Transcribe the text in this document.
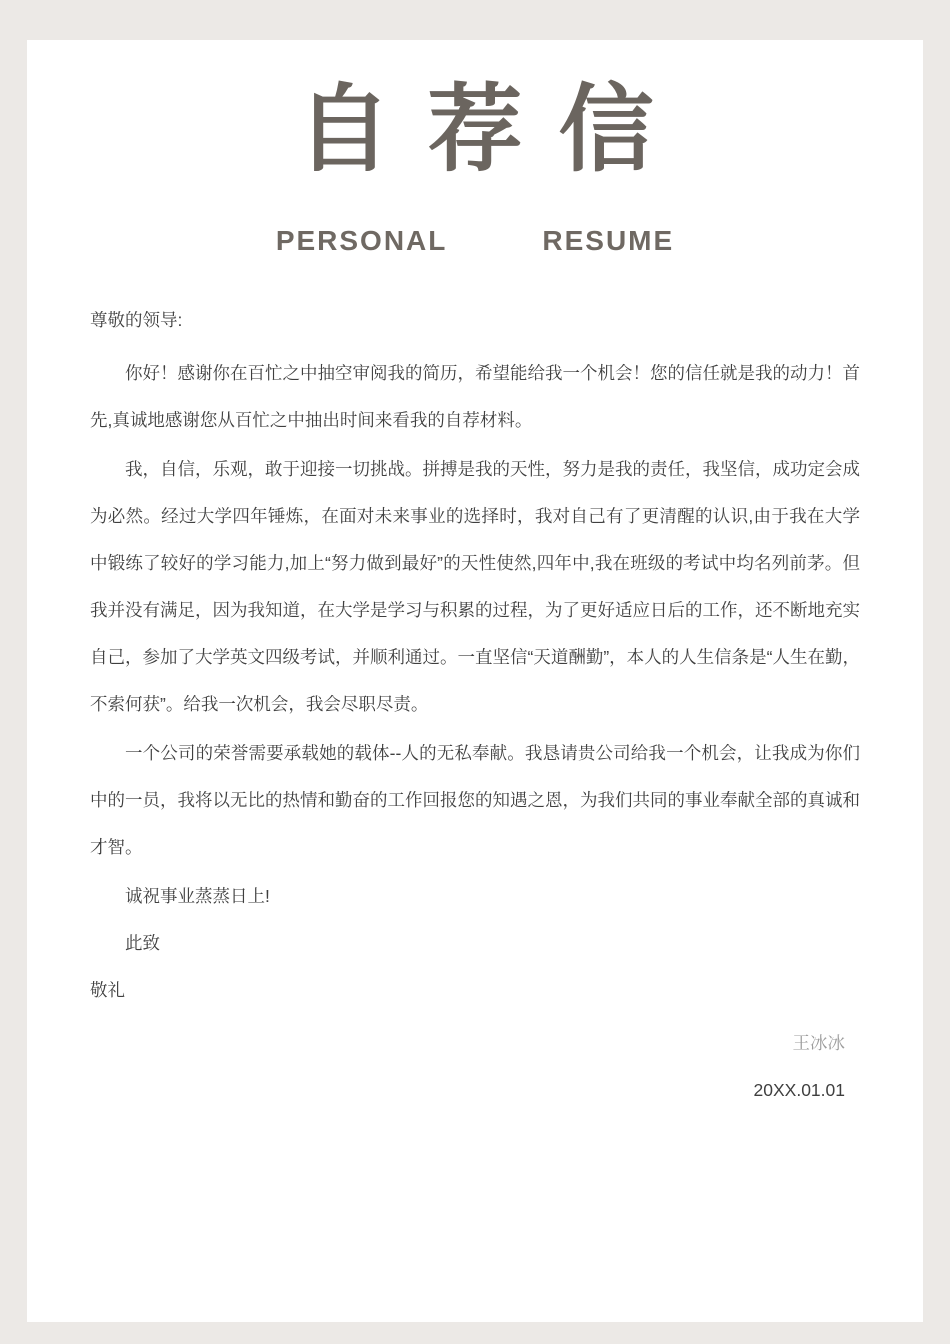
自荐信
PERSONAL	RESUME

尊敬的领导:

你好！感谢你在百忙之中抽空审阅我的简历，希望能给我一个机会！您的信任就是我的动力！首先,真诚地感谢您从百忙之中抽出时间来看我的自荐材料。

我，自信，乐观，敢于迎接一切挑战。拼搏是我的天性，努力是我的责任，我坚信，成功定会成为必然。经过大学四年锤炼，在面对未来事业的选择时，我对自己有了更清醒的认识,由于我在大学中锻练了较好的学习能力,加上“努力做到最好”的天性使然,四年中,我在班级的考试中均名列前茅。但我并没有满足，因为我知道，在大学是学习与积累的过程，为了更好适应日后的工作，还不断地充实自己，参加了大学英文四级考试，并顺利通过。一直坚信“天道酬勤”，本人的人生信条是“人生在勤，不索何获”。给我一次机会，我会尽职尽责。

一个公司的荣誉需要承载她的载体--人的无私奉献。我恳请贵公司给我一个机会，让我成为你们中的一员，我将以无比的热情和勤奋的工作回报您的知遇之恩，为我们共同的事业奉献全部的真诚和才智。

诚祝事业蒸蒸日上!

此致

敬礼

王冰冰
20XX.01.01
